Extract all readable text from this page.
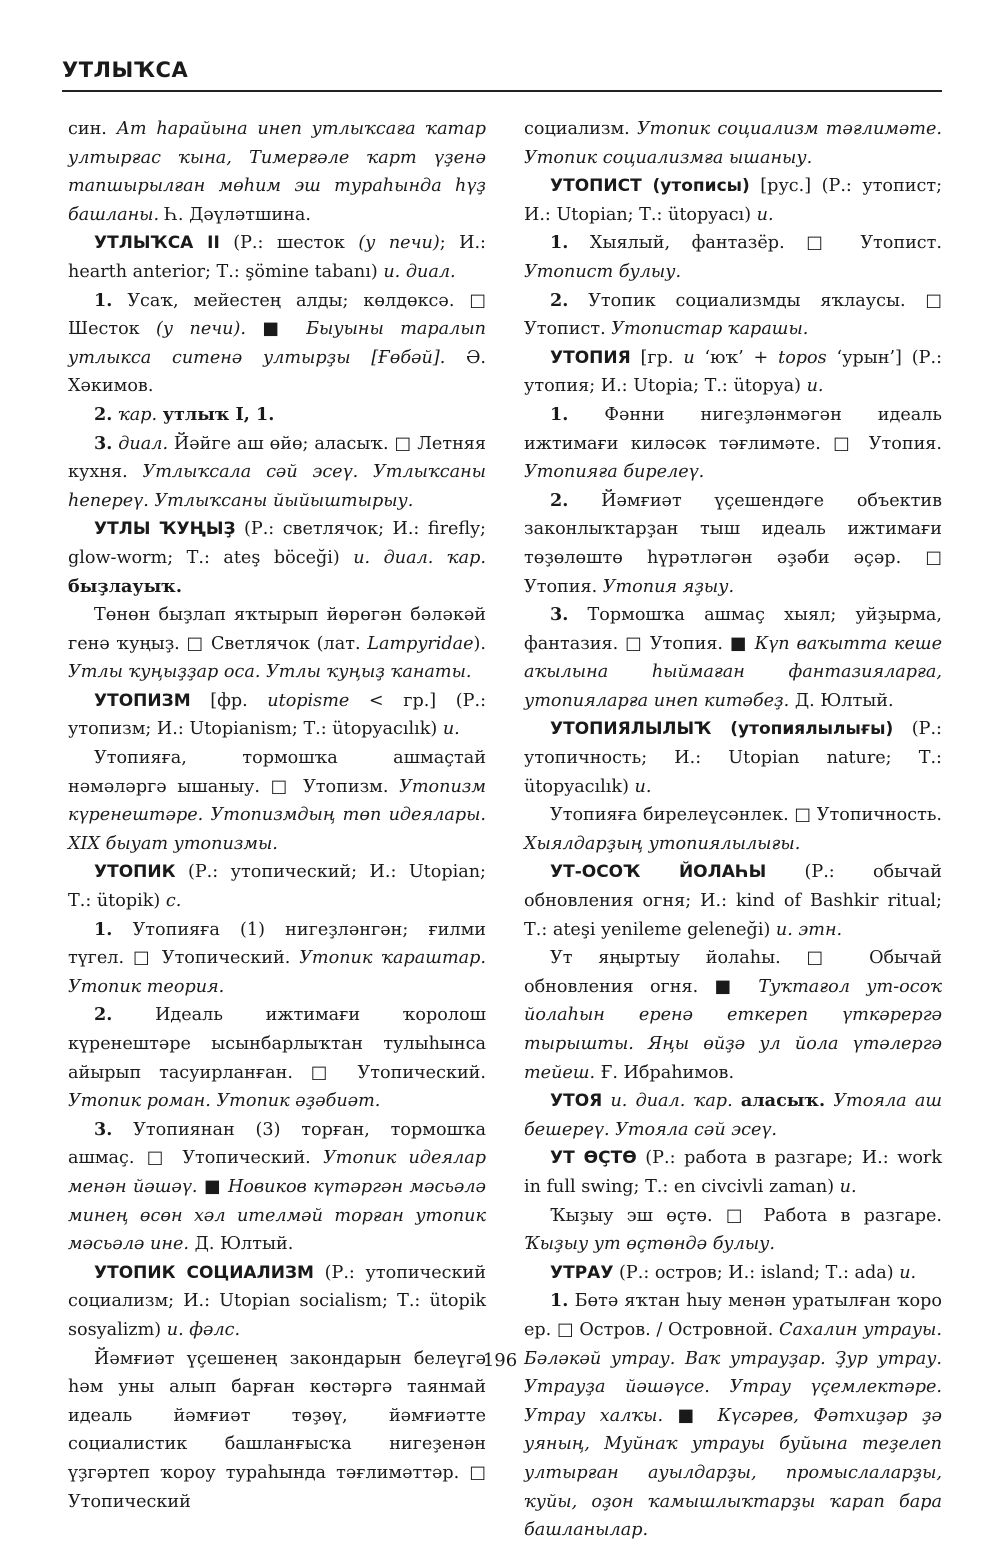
УТЛЫҠСА

син. Ат һарайына инеп утлыҡсаға ҡатар ултырғас ҡына, Тимерғәле ҡарт үҙенә тапшырылған мөһим эш тураһында һүҙ башланы. Һ. Дәүләтшина.

УТЛЫҠСА II (Р.: шесток (у печи); И.: hearth anterior; Т.: şömine tabanı) и. диал.

1. Усаҡ, мейестең алды; көлдөксә. □ Шесток (у печи). ■ Быуыны таралып утлыкса ситенә ултырҙы [Ғөбәй]. Ә. Хәкимов.

2. ҡар. утлыҡ I, 1.

3. диал. Йәйге аш өйө; аласыҡ. □ Летняя кухня. Утлыҡсала сәй эсеү. Утлыҡсаны һепереү. Утлыҡсаны йыйыштырыу.

УТЛЫ ҠУҢЫҘ (Р.: светлячок; И.: firefly; glow-worm; Т.: ateş böceği) и. диал. ҡар. быҙлауыҡ.

Төнөн быҙлап яҡтырып йөрөгән бәләкәй генә ҡуңыҙ. □ Светлячок (лат. Lampyridae). Утлы ҡуңыҙҙар оса. Утлы ҡуңыҙ ҡанаты.

УТОПИЗМ [фр. utopisme < гр.] (Р.: утопизм; И.: Utopianism; Т.: ütopyacılık) и.

Утопияға, тормошҡа ашмаҫтай нәмәләргә ышаныу. □ Утопизм. Утопизм күренештәре. Утопизмдың төп идеялары. XIX быуат утопизмы.

УТОПИК (Р.: утопический; И.: Utopian; Т.: ütopik) с.

1. Утопияға (1) нигеҙләнгән; ғилми түгел. □ Утопический. Утопик ҡараштар. Утопик теория.

2. Идеаль ижтимағи ҡоролош күренештәре ысынбарлыҡтан тулыһынса айырып тасуирланған. □ Утопический. Утопик роман. Утопик әҙәбиәт.

3. Утопиянан (3) торған, тормошҡа ашмаҫ. □ Утопический. Утопик идеялар менән йәшәү. ■ Новиков күтәргән мәсьәлә минең өсөн хәл ителмәй торған утопик мәсьәлә ине. Д. Юлтый.

УТОПИК СОЦИАЛИЗМ (Р.: утопический социализм; И.: Utopian socialism; Т.: ütopik sosyalizm) и. фәлс.

Йәмғиәт үҫешенең закондарын белеүгә һәм уны алып барған көстәргә таянмай идеаль йәмғиәт төҙөү, йәмғиәтте социалистик башланғысҡа нигеҙенән үҙгәртеп ҡороу тураһында тәғлимәттәр. □ Утопический

социализм. Утопик социализм тәғлимәте. Утопик социализмға ышаныу.

УТОПИСТ (утописы) [рус.] (Р.: утопист; И.: Utopian; Т.: ütopyacı) и.

1. Хыялый, фантазёр. □ Утопист. Утопист булыу.

2. Утопик социализмды яҡлаусы. □ Утопист. Утопистар ҡарашы.

УТОПИЯ [гр. u ‘юҡ’ + topos ‘урын’] (Р.: утопия; И.: Utopia; Т.: ütopya) и.

1. Фәнни нигеҙләнмәгән идеаль ижтимағи киләсәк тәғлимәте. □ Утопия. Утопияға бирелеү.

2. Йәмғиәт үҫешендәге объектив законлыҡтарҙан тыш идеаль ижтимағи төҙөлөштө һүрәтләгән әҙәби әҫәр. □ Утопия. Утопия яҙыу.

3. Тормошҡа ашмаҫ хыял; уйҙырма, фантазия. □ Утопия. ■ Күп ваҡытта кеше аҡылына һыймаған фантазияларға, утопияларға инеп китәбеҙ. Д. Юлтый.

УТОПИЯЛЫЛЫҠ (утопиялылығы) (Р.: утопичность; И.: Utopian nature; Т.: ütopyacılık) и.

Утопияға бирелеүсәнлек. □ Утопичность. Хыялдарҙың утопиялылығы.

УТ-ОСОҠ ЙОЛАҺЫ (Р.: обычай обновления огня; И.: kind of Bashkir ritual; Т.: ateşi yenileme geleneği) и. этн.

Ут яңыртыу йолаһы. □ Обычай обновления огня. ■ Туҡтағол ут-осоҡ йолаһын еренә еткереп үткәрергә тырышты. Яңы өйҙә ул йола үтәлергә тейеш. Ғ. Ибраһимов.

УТОЯ и. диал. ҡар. аласыҡ. Утояла аш бешереү. Утояла сәй эсеү.

УТ ӨҪТӨ (Р.: работа в разгаре; И.: work in full swing; Т.: en civcivli zaman) и.

Ҡыҙыу эш өҫтө. □ Работа в разгаре. Ҡыҙыу ут өҫтөндә булыу.

УТРАУ (Р.: остров; И.: island; Т.: ada) и.

1. Бөтә яҡтан һыу менән уратылған ҡоро ер. □ Остров. / Островной. Сахалин утрауы. Бәләкәй утрау. Ваҡ утрауҙар. Ҙур утрау. Утрауҙа йәшәүсе. Утрау үҫемлектәре. Утрау халҡы. ■ Күсәрев, Фәтхиҙәр ҙә уяның, Муйнаҡ утрауы буйына теҙелеп ултырған ауылдарҙы, промыслаларҙы, ҡуйы, оҙон ҡамышлыҡтарҙы ҡарап бара башланылар.

196
